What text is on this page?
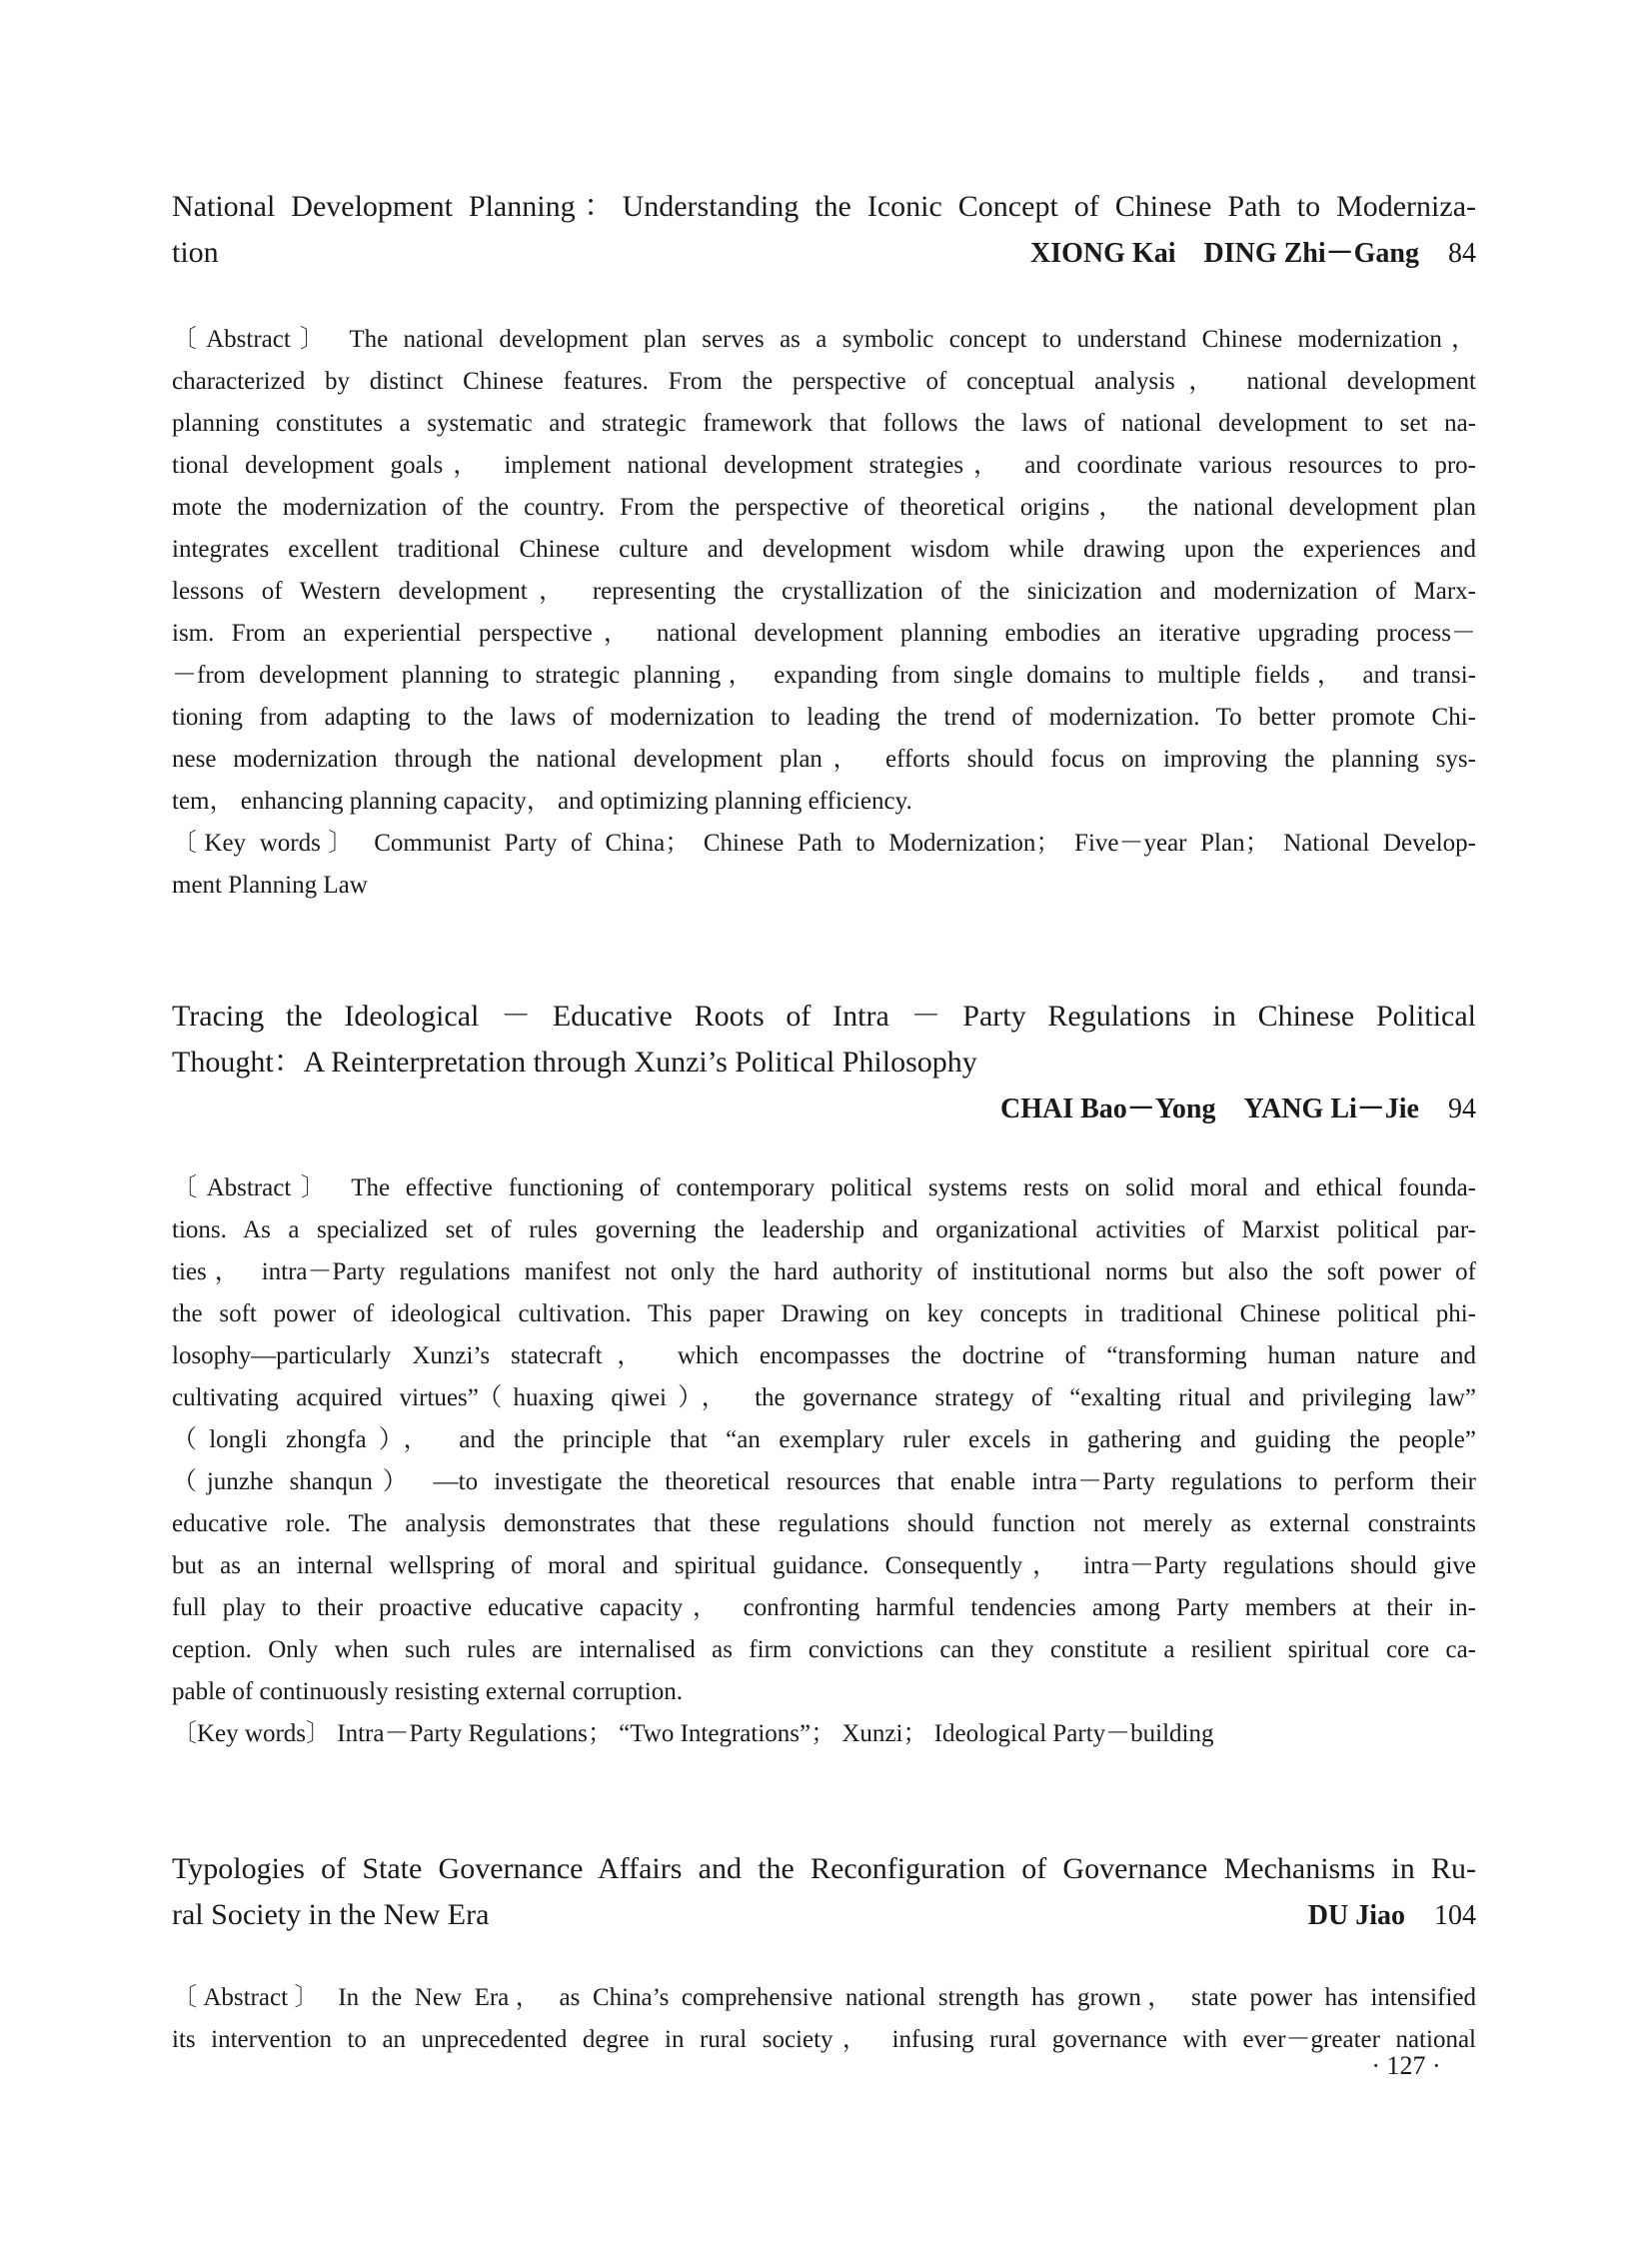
National Development Planning：Understanding the Iconic Concept of Chinese Path to Moderniza-
tion	XIONG Kai DING Zhi－Gang 84
〔Abstract〕 The national development plan serves as a symbolic concept to understand Chinese modernization，
characterized by distinct Chinese features. From the perspective of conceptual analysis， national development
planning constitutes a systematic and strategic framework that follows the laws of national development to set na-
tional development goals， implement national development strategies， and coordinate various resources to pro-
mote the modernization of the country. From the perspective of theoretical origins， the national development plan
integrates excellent traditional Chinese culture and development wisdom while drawing upon the experiences and
lessons of Western development， representing the crystallization of the sinicization and modernization of Marx-
ism. From an experiential perspective， national development planning embodies an iterative upgrading process－
－from development planning to strategic planning， expanding from single domains to multiple fields， and transi-
tioning from adapting to the laws of modernization to leading the trend of modernization. To better promote Chi-
nese modernization through the national development plan， efforts should focus on improving the planning sys-
tem， enhancing planning capacity， and optimizing planning efficiency.
〔Key words〕 Communist Party of China； Chinese Path to Modernization； Five－year Plan； National Develop-
ment Planning Law
Tracing the Ideological － Educative Roots of Intra － Party Regulations in Chinese Political
Thought：A Reinterpretation through Xunzi’s Political Philosophy
CHAI Bao－Yong YANG Li－Jie 94
〔Abstract〕 The effective functioning of contemporary political systems rests on solid moral and ethical founda-
tions. As a specialized set of rules governing the leadership and organizational activities of Marxist political par-
ties， intra－Party regulations manifest not only the hard authority of institutional norms but also the soft power of
the soft power of ideological cultivation. This paper Drawing on key concepts in traditional Chinese political phi-
losophy—particularly Xunzi’s statecraft， which encompasses the doctrine of “transforming human nature and
cultivating acquired virtues”（huaxing qiwei）， the governance strategy of “exalting ritual and privileging law”
（longli zhongfa）， and the principle that “an exemplary ruler excels in gathering and guiding the people”
（junzhe shanqun） —to investigate the theoretical resources that enable intra－Party regulations to perform their
educative role. The analysis demonstrates that these regulations should function not merely as external constraints
but as an internal wellspring of moral and spiritual guidance. Consequently， intra－Party regulations should give
full play to their proactive educative capacity， confronting harmful tendencies among Party members at their in-
ception. Only when such rules are internalised as firm convictions can they constitute a resilient spiritual core ca-
pable of continuously resisting external corruption.
〔Key words〕 Intra－Party Regulations； “Two Integrations”； Xunzi； Ideological Party－building
Typologies of State Governance Affairs and the Reconfiguration of Governance Mechanisms in Ru-
ral Society in the New Era	DU Jiao 104
〔Abstract〕 In the New Era， as China’s comprehensive national strength has grown， state power has intensified
its intervention to an unprecedented degree in rural society， infusing rural governance with ever－greater national
· 127 ·
